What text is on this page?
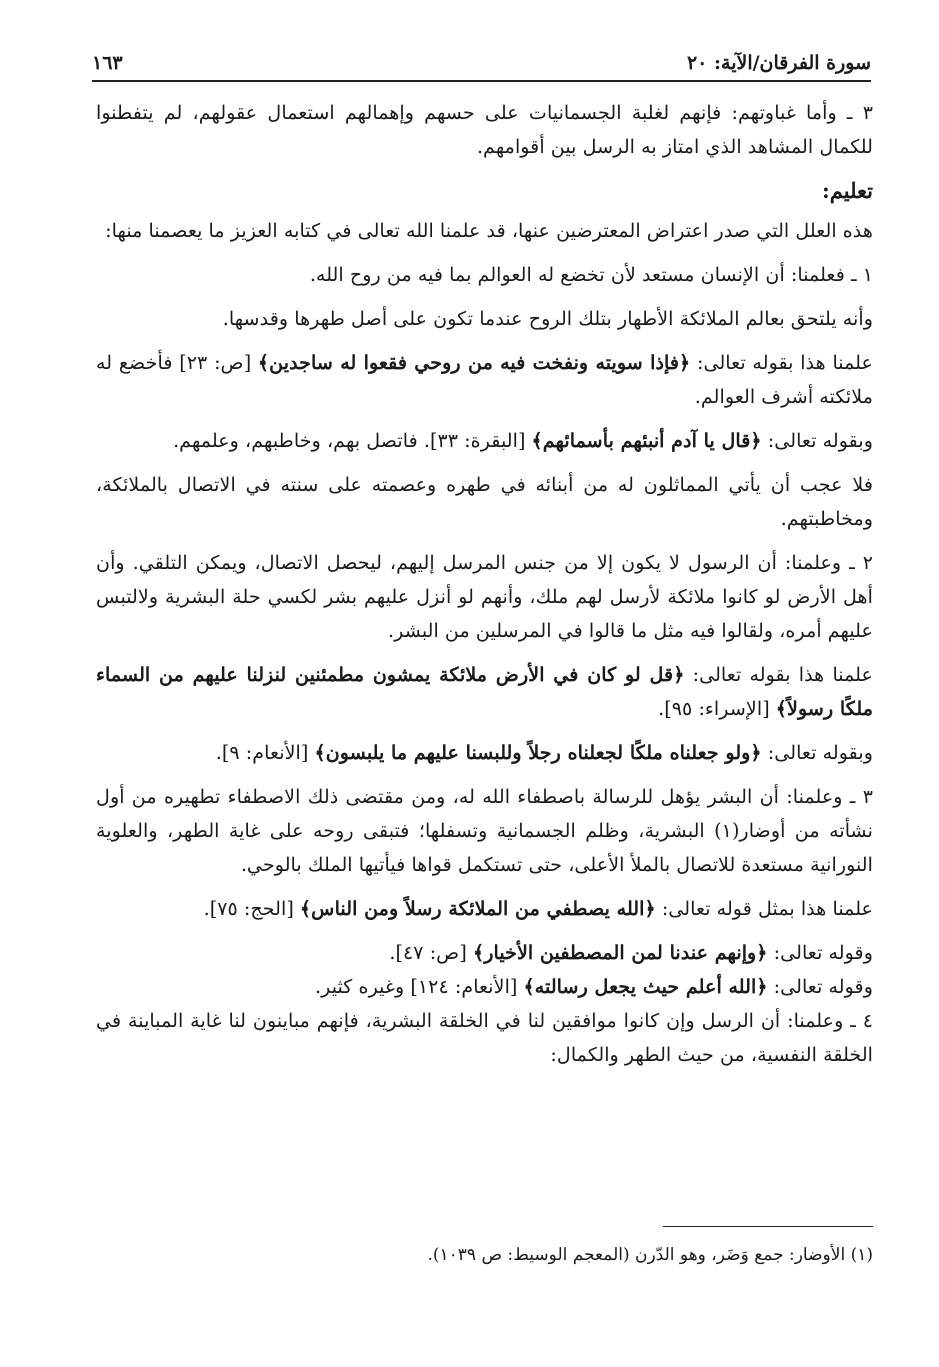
سورة الفرقان/الآية: ٢٠
١٦٣

٣ ـ وأما غباوتهم: فإنهم لغلبة الجسمانيات على حسهم وإهمالهم استعمال عقولهم، لم يتفطنوا للكمال المشاهد الذي امتاز به الرسل بين أقوامهم.

تعليم:

هذه العلل التي صدر اعتراض المعترضين عنها، قد علمنا الله تعالى في كتابه العزيز ما يعصمنا منها:

١ ـ فعلمنا: أن الإنسان مستعد لأن تخضع له العوالم بما فيه من روح الله.

وأنه يلتحق بعالم الملائكة الأطهار بتلك الروح عندما تكون على أصل طهرها وقدسها.

علمنا هذا بقوله تعالى: ﴿فإذا سويته ونفخت فيه من روحي فقعوا له ساجدين﴾ [ص: ٢٣] فأخضع له ملائكته أشرف العوالم.

وبقوله تعالى: ﴿قال يا آدم أنبئهم بأسمائهم﴾ [البقرة: ٣٣]. فاتصل بهم، وخاطبهم، وعلمهم.

فلا عجب أن يأتي المماثلون له من أبنائه في طهره وعصمته على سنته في الاتصال بالملائكة، ومخاطبتهم.

٢ ـ وعلمنا: أن الرسول لا يكون إلا من جنس المرسل إليهم، ليحصل الاتصال، ويمكن التلقي. وأن أهل الأرض لو كانوا ملائكة لأرسل لهم ملك، وأنهم لو أنزل عليهم بشر لكسي حلة البشرية ولالتبس عليهم أمره، ولقالوا فيه مثل ما قالوا في المرسلين من البشر.

علمنا هذا بقوله تعالى: ﴿قل لو كان في الأرض ملائكة يمشون مطمئنين لنزلنا عليهم من السماء ملكًا رسولاً﴾ [الإسراء: ٩٥].

وبقوله تعالى: ﴿ولو جعلناه ملكًا لجعلناه رجلاً وللبسنا عليهم ما يلبسون﴾ [الأنعام: ٩].

٣ ـ وعلمنا: أن البشر يؤهل للرسالة باصطفاء الله له، ومن مقتضى ذلك الاصطفاء تطهيره من أول نشأته من أوضار(١) البشرية، وظلم الجسمانية وتسفلها؛ فتبقى روحه على غاية الطهر، والعلوية النورانية مستعدة للاتصال بالملأ الأعلى، حتى تستكمل قواها فيأتيها الملك بالوحي.

علمنا هذا بمثل قوله تعالى: ﴿الله يصطفي من الملائكة رسلاً ومن الناس﴾ [الحج: ٧٥].

وقوله تعالى: ﴿وإنهم عندنا لمن المصطفين الأخيار﴾ [ص: ٤٧].

وقوله تعالى: ﴿الله أعلم حيث يجعل رسالته﴾ [الأنعام: ١٢٤] وغيره كثير.

٤ ـ وعلمنا: أن الرسل وإن كانوا موافقين لنا في الخلقة البشرية، فإنهم مباينون لنا غاية المباينة في الخلقة النفسية، من حيث الطهر والكمال:

(١) الأوضار: جمع وَضَر، وهو الدّرن (المعجم الوسيط: ص ١٠٣٩).
